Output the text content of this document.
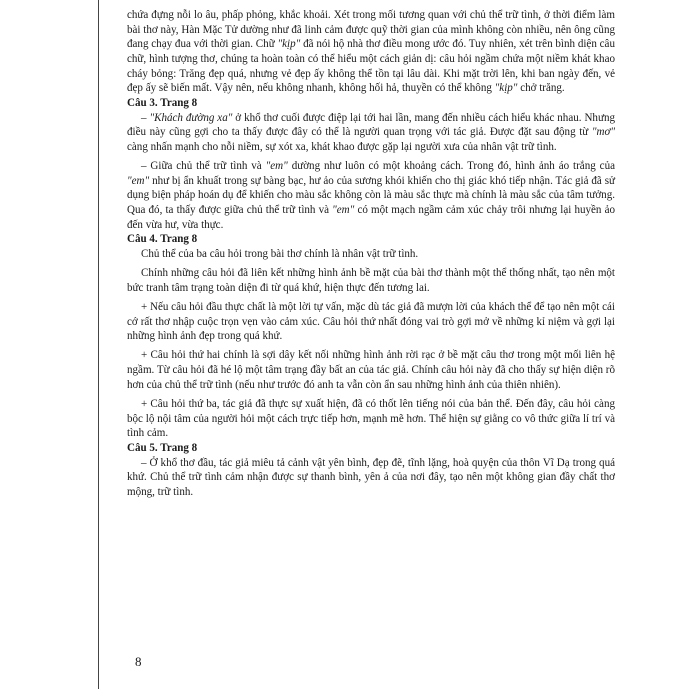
chứa đựng nỗi lo âu, phấp phỏng, khắc khoải. Xét trong mối tương quan với chủ thể trữ tình, ở thời điểm làm bài thơ này, Hàn Mặc Tử dường như đã linh cảm được quỹ thời gian của mình không còn nhiều, nên ông cũng đang chạy đua với thời gian. Chữ "kịp" đã nói hộ nhà thơ điều mong ước đó. Tuy nhiên, xét trên bình diện câu chữ, hình tượng thơ, chúng ta hoàn toàn có thể hiểu một cách giản dị: câu hỏi ngầm chứa một niềm khát khao cháy bỏng: Trăng đẹp quá, nhưng vẻ đẹp ấy không thể tồn tại lâu dài. Khi mặt trời lên, khi ban ngày đến, vẻ đẹp ấy sẽ biến mất. Vậy nên, nếu không nhanh, không hối hả, thuyền có thể không "kịp" chở trăng.

Câu 3. Trang 8

– "Khách đường xa" ở khổ thơ cuối được điệp lại tới hai lần, mang đến nhiều cách hiểu khác nhau. Nhưng điều này cũng gợi cho ta thấy được đây có thể là người quan trọng với tác giả. Được đặt sau động từ "mơ" càng nhấn mạnh cho nỗi niềm, sự xót xa, khát khao được gặp lại người xưa của nhân vật trữ tình.

– Giữa chủ thể trữ tình và "em" dường như luôn có một khoảng cách. Trong đó, hình ảnh áo trắng của "em" như bị ẩn khuất trong sự bàng bạc, hư ảo của sương khói khiến cho thị giác khó tiếp nhận. Tác giả đã sử dụng biện pháp hoán dụ để khiến cho màu sắc không còn là màu sắc thực mà chính là màu sắc của tâm tưởng. Qua đó, ta thấy được giữa chủ thể trữ tình và "em" có một mạch ngầm cảm xúc chảy trôi nhưng lại huyền ảo đến vừa hư, vừa thực.

Câu 4. Trang 8

Chủ thể của ba câu hỏi trong bài thơ chính là nhân vật trữ tình.

Chính những câu hỏi đã liên kết những hình ảnh bề mặt của bài thơ thành một thể thống nhất, tạo nên một bức tranh tâm trạng toàn diện đi từ quá khứ, hiện thực đến tương lai.

+ Nếu câu hỏi đầu thực chất là một lời tự vấn, mặc dù tác giả đã mượn lời của khách thể để tạo nên một cái cớ rất thơ nhập cuộc trọn vẹn vào cảm xúc. Câu hỏi thứ nhất đóng vai trò gợi mở về những kỉ niệm và gợi lại những hình ảnh đẹp trong quá khứ.

+ Câu hỏi thứ hai chính là sợi dây kết nối những hình ảnh rời rạc ở bề mặt câu thơ trong một mối liên hệ ngầm. Từ câu hỏi đã hé lộ một tâm trạng đầy bất an của tác giả. Chính câu hỏi này đã cho thấy sự hiện diện rõ hơn của chủ thể trữ tình (nếu như trước đó anh ta vẫn còn ẩn sau những hình ảnh của thiên nhiên).

+ Câu hỏi thứ ba, tác giả đã thực sự xuất hiện, đã có thốt lên tiếng nói của bản thể. Đến đây, câu hỏi càng bộc lộ nội tâm của người hỏi một cách trực tiếp hơn, mạnh mẽ hơn. Thể hiện sự giằng co vô thức giữa lí trí và tình cảm.

Câu 5. Trang 8

– Ở khổ thơ đầu, tác giả miêu tả cảnh vật yên bình, đẹp đẽ, tĩnh lặng, hoà quyện của thôn Vĩ Dạ trong quá khứ. Chủ thể trữ tình cảm nhận được sự thanh bình, yên ả của nơi đây, tạo nên một không gian đầy chất thơ mộng, trữ tình.

8
